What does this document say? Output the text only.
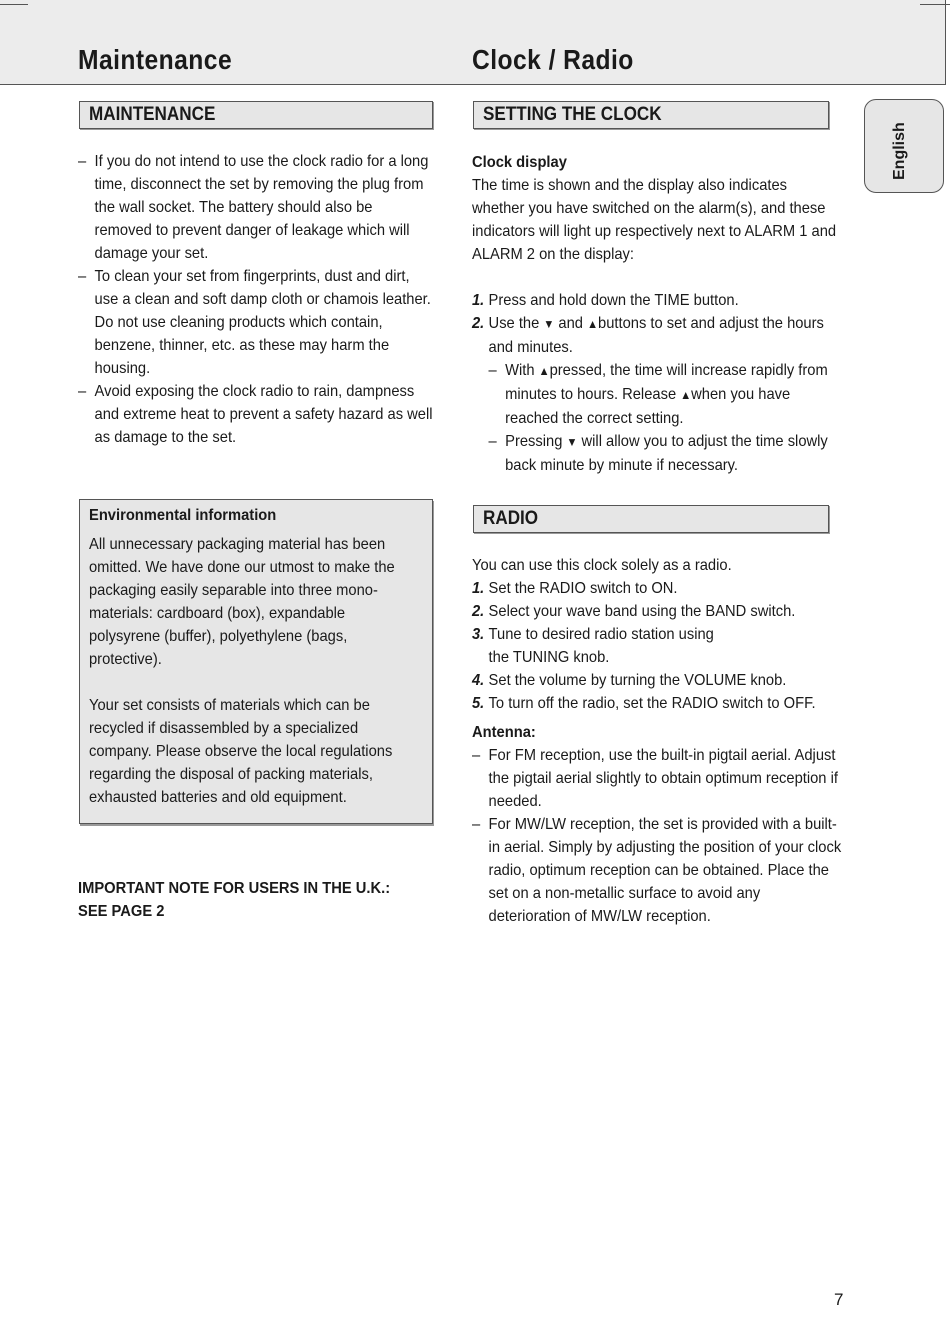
Maintenance	Clock / Radio
English
MAINTENANCE
– If you do not intend to use the clock radio for a long time, disconnect the set by removing the plug from the wall socket. The battery should also be removed to prevent danger of leakage which will damage your set.
– To clean your set from fingerprints, dust and dirt, use a clean and soft damp cloth or chamois leather. Do not use cleaning products which contain, benzene, thinner, etc. as these may harm the housing.
– Avoid exposing the clock radio to rain, dampness and extreme heat to prevent a safety hazard as well as damage to the set.
Environmental information
All unnecessary packaging material has been omitted. We have done our utmost to make the packaging easily separable into three mono-materials: cardboard (box), expandable polysyrene (buffer), polyethylene (bags, protective).
Your set consists of materials which can be recycled if disassembled by a specialized company. Please observe the local regulations regarding the disposal of packing materials, exhausted batteries and old equipment.
IMPORTANT NOTE FOR USERS IN THE U.K.:
SEE PAGE 2
SETTING THE CLOCK
Clock display
The time is shown and the display also indicates whether you have switched on the alarm(s), and these indicators will light up respectively next to ALARM 1 and ALARM 2 on the display:
1. Press and hold down the TIME button.
2. Use the ▼ and ▲buttons to set and adjust the hours and minutes.
– With ▲pressed, the time will increase rapidly from minutes to hours. Release ▲when you have reached the correct setting.
– Pressing ▼ will allow you to adjust the time slowly back minute by minute if necessary.
RADIO
You can use this clock solely as a radio.
1. Set the RADIO switch to ON.
2. Select your wave band using the BAND switch.
3. Tune to desired radio station using the TUNING knob.
4. Set the volume by turning the VOLUME knob.
5. To turn off the radio, set the RADIO switch to OFF.
Antenna:
– For FM reception, use the built-in pigtail aerial. Adjust the pigtail aerial slightly to obtain optimum reception if needed.
– For MW/LW reception, the set is provided with a built-in aerial. Simply by adjusting the position of your clock radio, optimum reception can be obtained. Place the set on a non-metallic surface to avoid any deterioration of MW/LW reception.
7
